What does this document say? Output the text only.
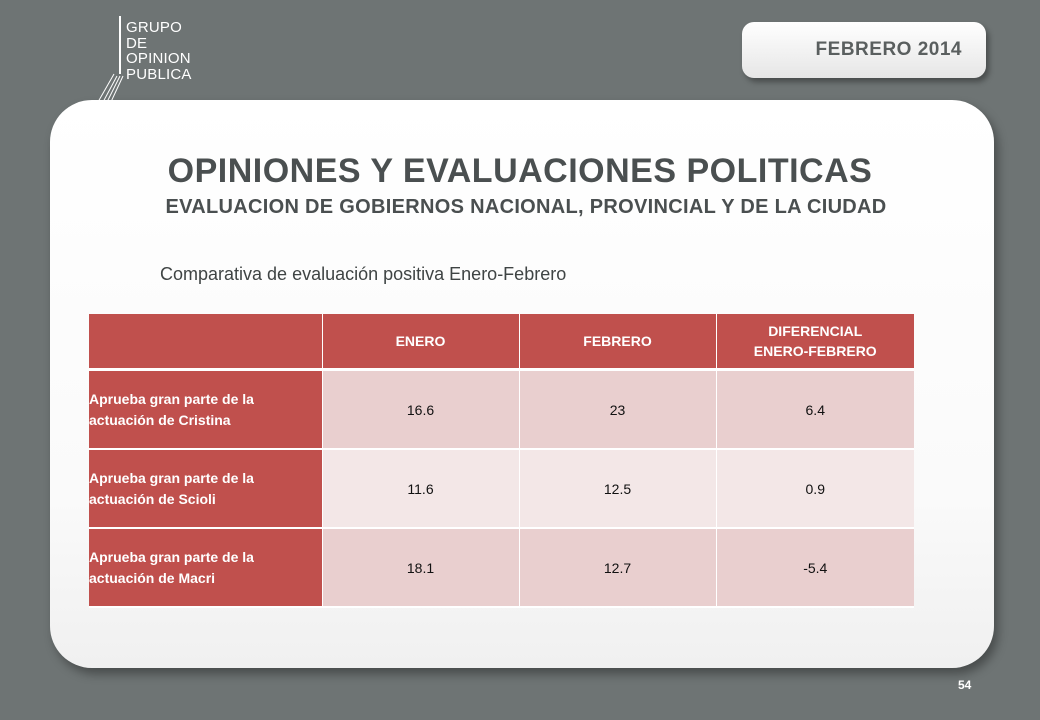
GRUPO
DE
OPINION
PUBLICA
FEBRERO 2014
OPINIONES Y EVALUACIONES POLITICAS
EVALUACION DE GOBIERNOS NACIONAL, PROVINCIAL Y DE LA CIUDAD

Comparativa de evaluación positiva Enero-Febrero

	ENERO	FEBRERO	DIFERENCIAL
ENERO-FEBRERO

Aprueba gran parte de la
actuación de Cristina	16.6	23	6.4

Aprueba gran parte de la
actuación de Scioli	11.6	12.5	0.9

Aprueba gran parte de la
actuación de Macri	18.1	12.7	-5.4
54
